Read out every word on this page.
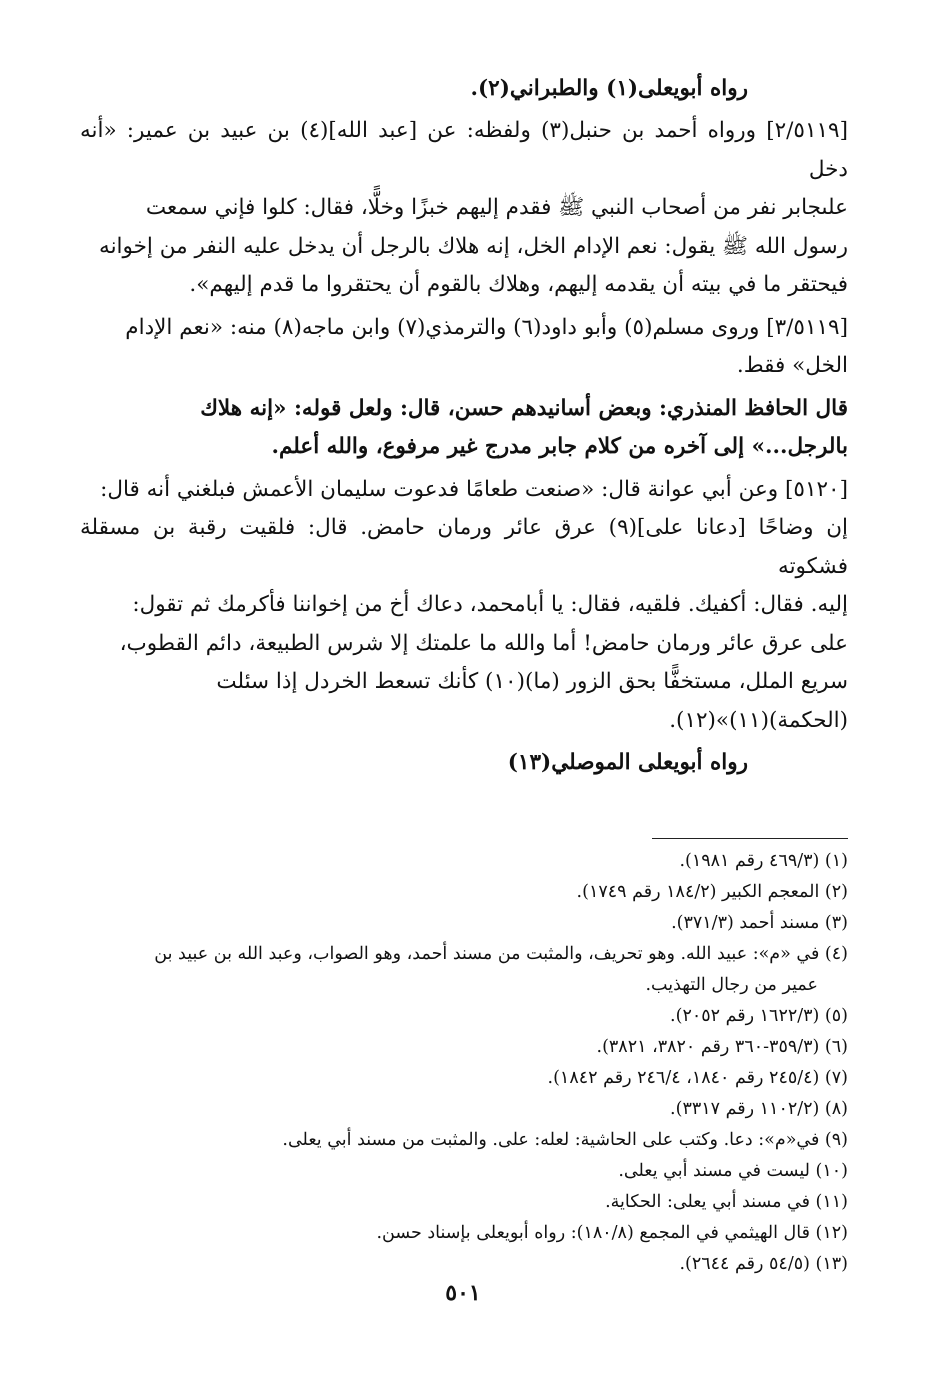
رواه أبويعلى(١) والطبراني(٢).
[٢/٥١١٩] ورواه أحمد بن حنبل(٣) ولفظه: عن [عبد الله](٤) بن عبيد بن عمير: «أنه دخل
علىجابر نفر من أصحاب النبي ﷺ فقدم إليهم خبزًا وخلًّا، فقال: كلوا فإني سمعت
رسول الله ﷺ يقول: نعم الإدام الخل، إنه هلاك بالرجل أن يدخل عليه النفر من إخوانه
فيحتقر ما في بيته أن يقدمه إليهم، وهلاك بالقوم أن يحتقروا ما قدم إليهم».
[٣/٥١١٩] وروى مسلم(٥) وأبو داود(٦) والترمذي(٧) وابن ماجه(٨) منه: «نعم الإدام
الخل» فقط.
قال الحافظ المنذري: وبعض أسانيدهم حسن، قال: ولعل قوله: «إنه هلاك
بالرجل...» إلى آخره من كلام جابر مدرج غير مرفوع، والله أعلم.
[٥١٢٠] وعن أبي عوانة قال: «صنعت طعامًا فدعوت سليمان الأعمش فبلغني أنه قال:
إن وضاحًا [دعانا على](٩) عرق عائر ورمان حامض. قال: فلقيت رقبة بن مسقلة فشكوته
إليه. فقال: أكفيك. فلقيه، فقال: يا أبامحمد، دعاك أخ من إخواننا فأكرمك ثم تقول:
على عرق عائر ورمان حامض! أما والله ما علمتك إلا شرس الطبيعة، دائم القطوب،
سريع الملل، مستخفًّا بحق الزور (ما)(١٠) كأنك تسعط الخردل إذا سئلت
(الحكمة)(١١)»(١٢).
رواه أبويعلى الموصلي(١٣)
(١) (٤٦٩/٣ رقم ١٩٨١).
(٢) المعجم الكبير (١٨٤/٢ رقم ١٧٤٩).
(٣) مسند أحمد (٣٧١/٣).
(٤) في «م»: عبيد الله. وهو تحريف، والمثبت من مسند أحمد، وهو الصواب، وعبد الله بن عبيد بن
عمير من رجال التهذيب.
(٥) (١٦٢٢/٣ رقم ٢٠٥٢).
(٦) (٣٥٩/٣-٣٦٠ رقم ٣٨٢٠، ٣٨٢١).
(٧) (٢٤٥/٤ رقم ١٨٤٠، ٢٤٦/٤ رقم ١٨٤٢).
(٨) (١١٠٢/٢ رقم ٣٣١٧).
(٩) في«م»: دعا. وكتب على الحاشية: لعله: على. والمثبت من مسند أبي يعلى.
(١٠) ليست في مسند أبي يعلى.
(١١) في مسند أبي يعلى: الحكاية.
(١٢) قال الهيثمي في المجمع (١٨٠/٨): رواه أبويعلى بإسناد حسن.
(١٣) (٥٤/٥ رقم ٢٦٤٤).
٥٠١
